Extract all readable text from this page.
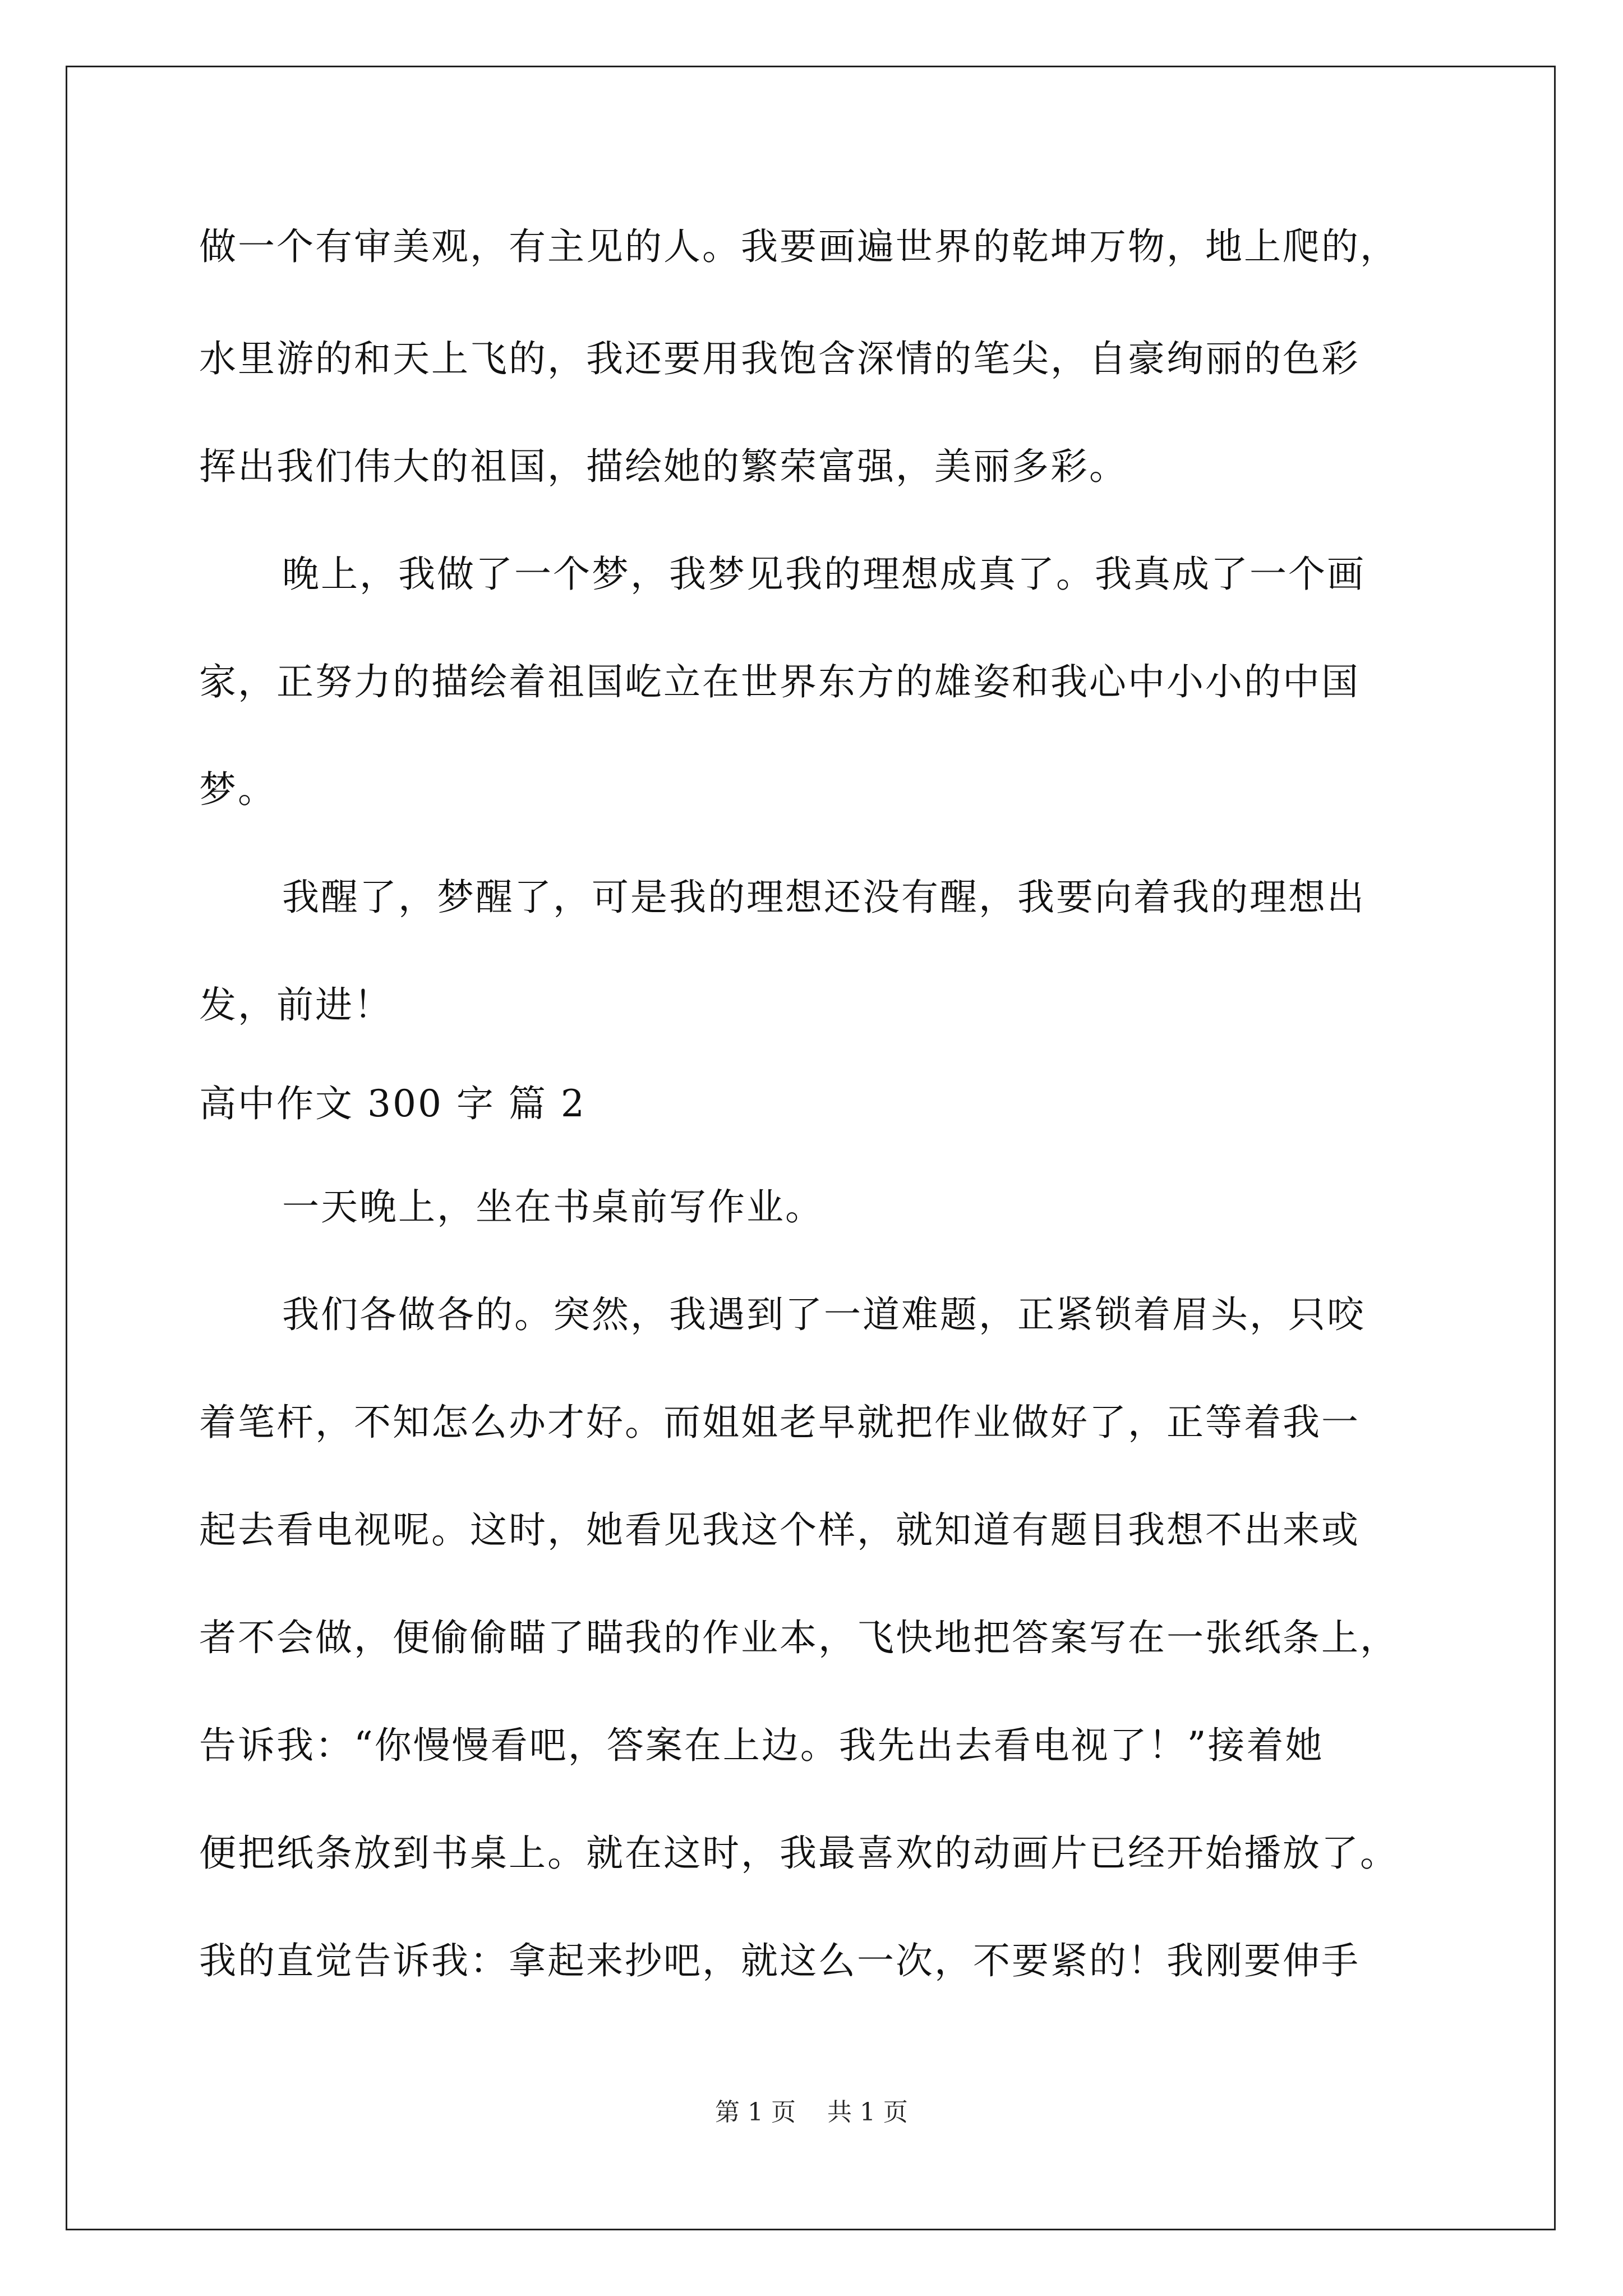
做一个有审美观，有主见的人。我要画遍世界的乾坤万物，地上爬的，
水里游的和天上飞的，我还要用我饱含深情的笔尖，自豪绚丽的色彩
挥出我们伟大的祖国，描绘她的繁荣富强，美丽多彩。
晚上，我做了一个梦，我梦见我的理想成真了。我真成了一个画
家，正努力的描绘着祖国屹立在世界东方的雄姿和我心中小小的中国
梦。
我醒了，梦醒了，可是我的理想还没有醒，我要向着我的理想出
发，前进！
高中作文 300 字 篇 2
一天晚上，坐在书桌前写作业。
我们各做各的。突然，我遇到了一道难题，正紧锁着眉头，只咬
着笔杆，不知怎么办才好。而姐姐老早就把作业做好了，正等着我一
起去看电视呢。这时，她看见我这个样，就知道有题目我想不出来或
者不会做，便偷偷瞄了瞄我的作业本，飞快地把答案写在一张纸条上，
告诉我：“你慢慢看吧，答案在上边。我先出去看电视了！”接着她
便把纸条放到书桌上。就在这时，我最喜欢的动画片已经开始播放了。
我的直觉告诉我：拿起来抄吧，就这么一次，不要紧的！我刚要伸手
第 1 页    共 1 页
